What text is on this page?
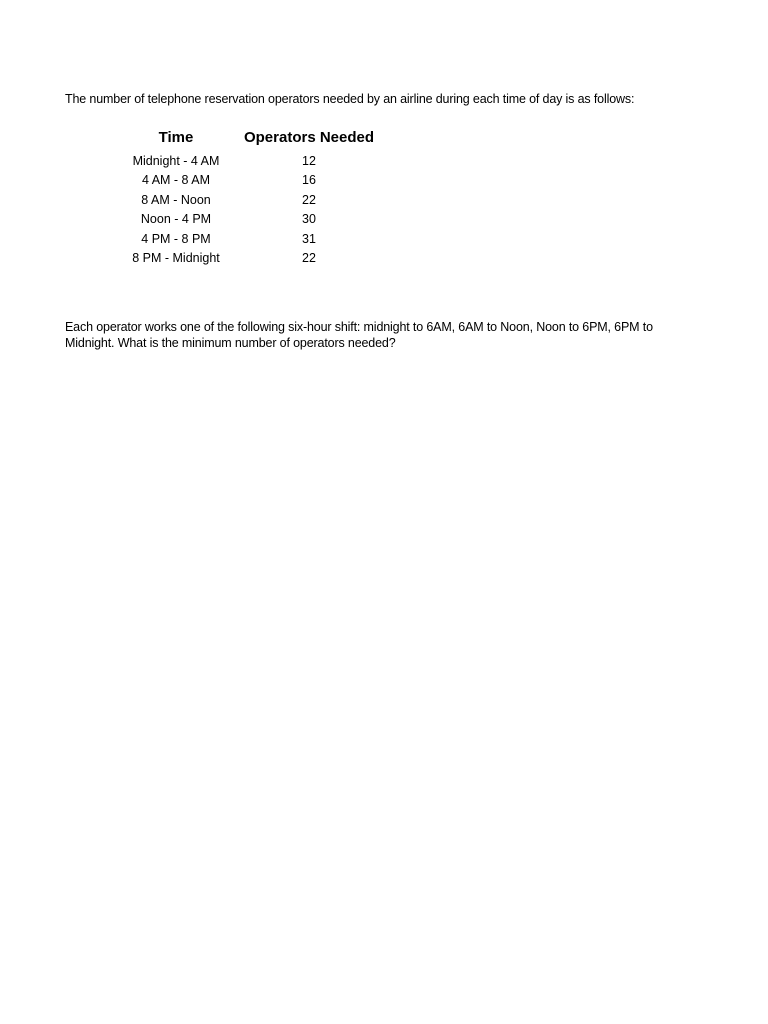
The number of telephone reservation operators needed by an airline during each time of day is as follows:
Time	Operators Needed
Midnight - 4 AM	12
4 AM - 8 AM	16
8 AM - Noon	22
Noon - 4 PM	30
4 PM - 8 PM	31
8 PM - Midnight	22
Each operator works one of the following six-hour shift: midnight to 6AM, 6AM to Noon, Noon to 6PM, 6PM to Midnight. What is the minimum number of operators needed?
